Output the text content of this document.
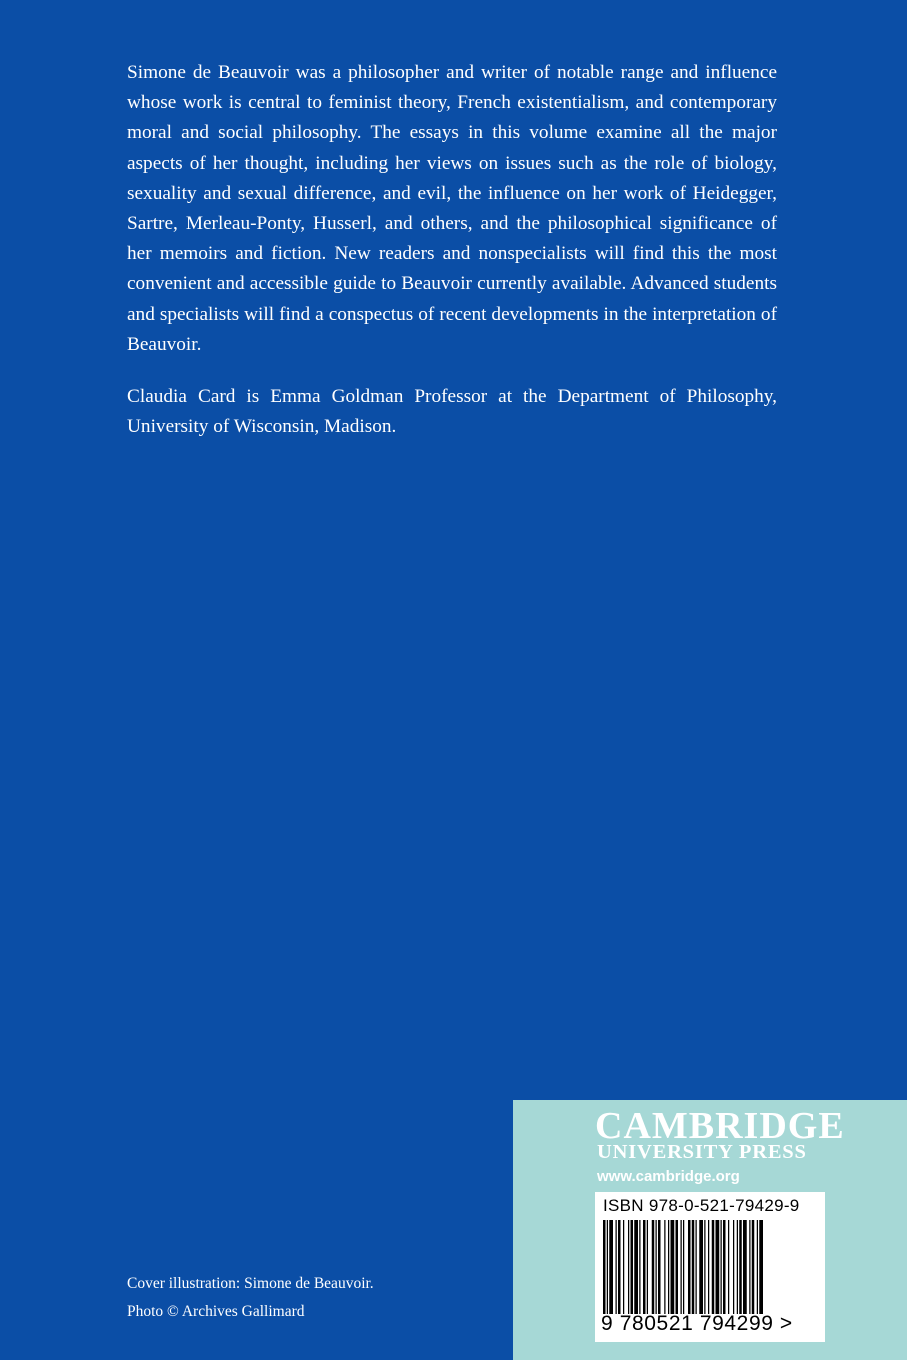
Simone de Beauvoir was a philosopher and writer of notable range and influence whose work is central to feminist theory, French existentialism, and contemporary moral and social philosophy. The essays in this volume examine all the major aspects of her thought, including her views on issues such as the role of biology, sexuality and sexual difference, and evil, the influence on her work of Heidegger, Sartre, Merleau-Ponty, Husserl, and others, and the philosophical significance of her memoirs and fiction. New readers and nonspecialists will find this the most convenient and accessible guide to Beauvoir currently available. Advanced students and specialists will find a conspectus of recent developments in the interpretation of Beauvoir.

Claudia Card is Emma Goldman Professor at the Department of Philosophy, University of Wisconsin, Madison.

Cover illustration: Simone de Beauvoir.
Photo © Archives Gallimard
CAMBRIDGE
UNIVERSITY PRESS
www.cambridge.org
ISBN 978-0-521-79429-9
9 780521 794299 >
